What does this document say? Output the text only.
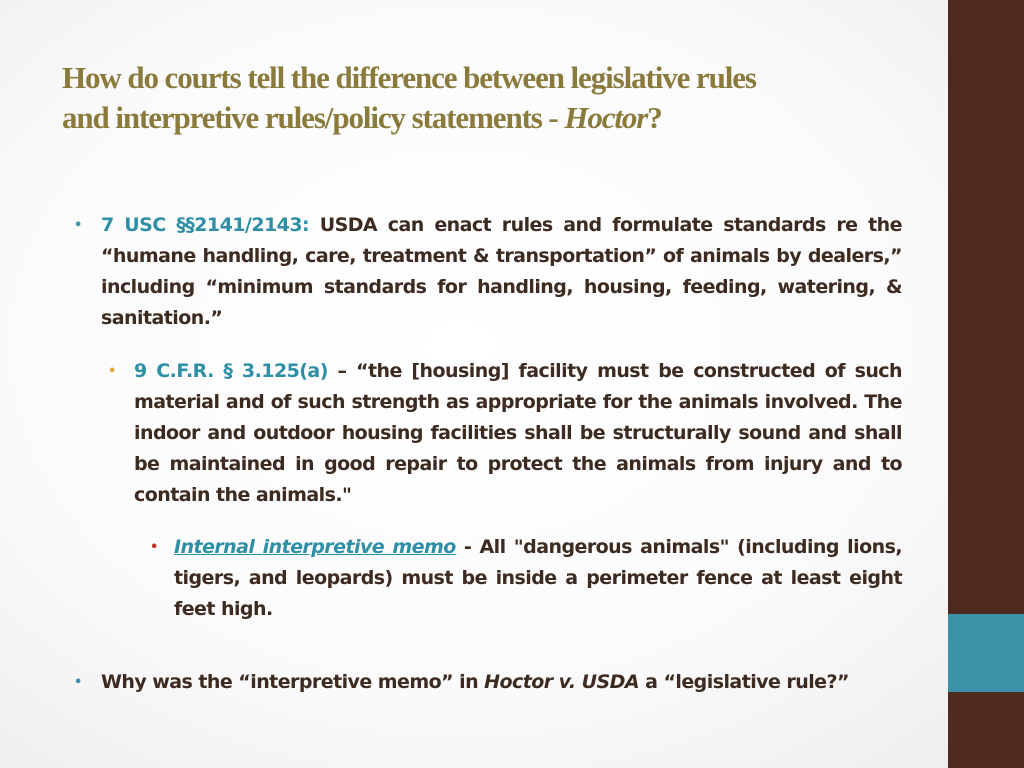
How do courts tell the difference between legislative rules
and interpretive rules/policy statements - Hoctor?
• 7 USC §§2141/2143: USDA can enact rules and formulate standards re the “humane handling, care, treatment & transportation” of animals by dealers,” including “minimum standards for handling, housing, feeding, watering, & sanitation.”
• 9 C.F.R. § 3.125(a) – “the [housing] facility must be constructed of such material and of such strength as appropriate for the animals involved. The indoor and outdoor housing facilities shall be structurally sound and shall be maintained in good repair to protect the animals from injury and to contain the animals."
• Internal interpretive memo - All "dangerous animals" (including lions, tigers, and leopards) must be inside a perimeter fence at least eight feet high.
• Why was the “interpretive memo” in Hoctor v. USDA a “legislative rule?”
